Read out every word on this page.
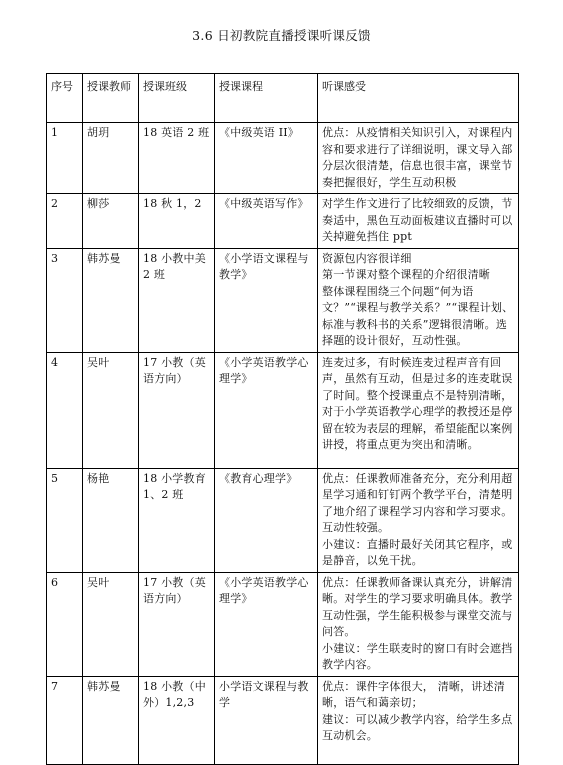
3.6 日初教院直播授课听课反馈
序号	授课教师	授课班级	授课课程	听课感受
1	胡玥	18 英语 2 班	《中级英语 II》	优点：从疫情相关知识引入，对课程内容和要求进行了详细说明，课文导入部分层次很清楚，信息也很丰富，课堂节奏把握很好，学生互动积极

2	柳莎	18 秋 1，2	《中级英语写作》	对学生作文进行了比较细致的反馈，节奏适中，黑色互动面板建议直播时可以关掉避免挡住 ppt

3	韩苏曼	18 小教中美 2 班	《小学语文课程与教学》	资源包内容很详细
第一节课对整个课程的介绍很清晰
整体课程围绕三个问题“何为语文？”“课程与教学关系？”“课程计划、标准与教科书的关系”逻辑很清晰。选择题的设计很好，互动性强。

4	吴叶	17 小教（英语方向）	《小学英语教学心理学》	连麦过多，有时候连麦过程声音有回声，虽然有互动，但是过多的连麦耽误了时间。整个授课重点不是特别清晰，对于小学英语教学心理学的教授还是停留在较为表层的理解，希望能配以案例讲授，将重点更为突出和清晰。

5	杨艳	18 小学教育 1、2 班	《教育心理学》	优点：任课教师准备充分，充分利用超星学习通和钉钉两个教学平台，清楚明了地介绍了课程学习内容和学习要求。互动性较强。
小建议：直播时最好关闭其它程序，或是静音，以免干扰。

6	吴叶	17 小教（英语方向）	《小学英语教学心理学》	优点：任课教师备课认真充分，讲解清晰。对学生的学习要求明确具体。教学互动性强，学生能积极参与课堂交流与问答。
小建议：学生联麦时的窗口有时会遮挡教学内容。

7	韩苏曼	18 小教（中外）1,2,3	小学语文课程与教学	优点：课件字体很大， 清晰，讲述清晰，语气和蔼亲切；
建议：可以减少教学内容，给学生多点互动机会。
